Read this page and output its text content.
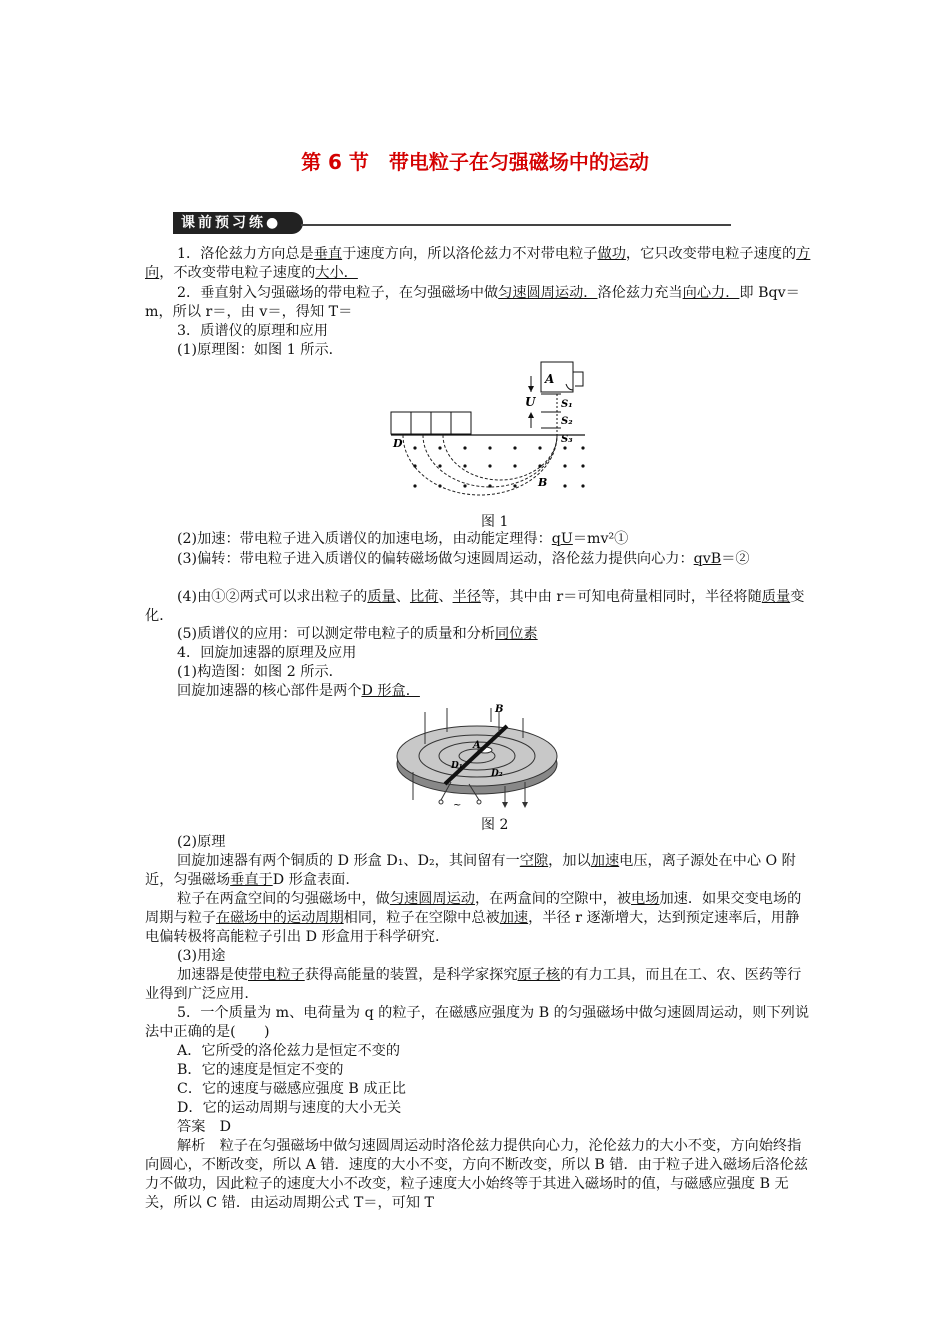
第 6 节　带电粒子在匀强磁场中的运动
课前预习练●
1．洛伦兹力方向总是垂直于速度方向，所以洛伦兹力不对带电粒子做功，它只改变带电粒子速度的方向，不改变带电粒子速度的大小．
2．垂直射入匀强磁场的带电粒子，在匀强磁场中做匀速圆周运动．洛伦兹力充当向心力．即 Bqv＝m，所以 r＝，由 v＝，得知 T＝
3．质谱仪的原理和应用
(1)原理图：如图 1 所示．
A
U	S₁
S₂
S₃
D
B
图 1
(2)加速：带电粒子进入质谱仪的加速电场，由动能定理得：qU＝mv²①
(3)偏转：带电粒子进入质谱仪的偏转磁场做匀速圆周运动，洛伦兹力提供向心力：qvB＝②
(4)由①②两式可以求出粒子的质量、比荷、半径等，其中由 r＝可知电荷量相同时，半径将随质量变化．
(5)质谱仪的应用：可以测定带电粒子的质量和分析同位素
4．回旋加速器的原理及应用
(1)构造图：如图 2 所示．
回旋加速器的核心部件是两个D 形盒．
B
A
D₁
D₂
~
图 2
(2)原理
回旋加速器有两个铜质的 D 形盒 D₁、D₂，其间留有一空隙，加以加速电压，离子源处在中心 O 附近，匀强磁场垂直于D 形盒表面.
粒子在两盒空间的匀强磁场中，做匀速圆周运动，在两盒间的空隙中，被电场加速．如果交变电场的周期与粒子在磁场中的运动周期相同，粒子在空隙中总被加速，半径 r 逐渐增大，达到预定速率后，用静电偏转极将高能粒子引出 D 形盒用于科学研究.
(3)用途
加速器是使带电粒子获得高能量的装置，是科学家探究原子核的有力工具，而且在工、农、医药等行业得到广泛应用.
5．一个质量为 m、电荷量为 q 的粒子，在磁感应强度为 B 的匀强磁场中做匀速圆周运动，则下列说法中正确的是(　　)
A．它所受的洛伦兹力是恒定不变的
B．它的速度是恒定不变的
C．它的速度与磁感应强度 B 成正比
D．它的运动周期与速度的大小无关
答案　D
解析　粒子在匀强磁场中做匀速圆周运动时洛伦兹力提供向心力，沦伦兹力的大小不变，方向始终指向圆心，不断改变，所以 A 错．速度的大小不变，方向不断改变，所以 B 错．由于粒子进入磁场后洛伦兹力不做功，因此粒子的速度大小不改变，粒子速度大小始终等于其进入磁场时的值，与磁感应强度 B 无关，所以 C 错．由运动周期公式 T＝，可知 T
